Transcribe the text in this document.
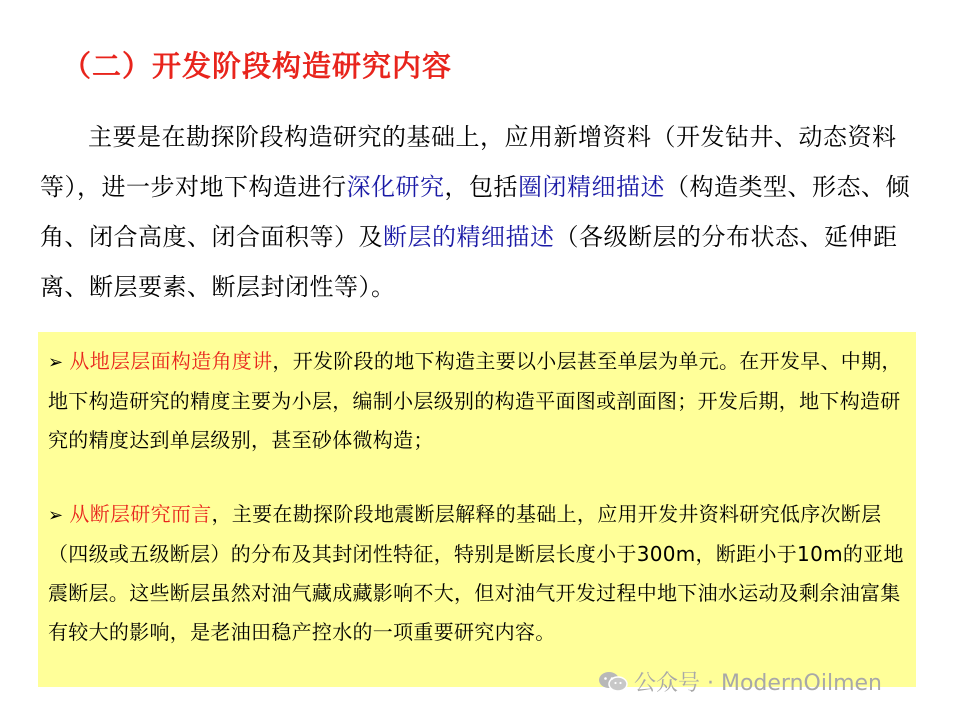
（二）开发阶段构造研究内容
主要是在勘探阶段构造研究的基础上，应用新增资料（开发钻井、动态资料等），进一步对地下构造进行深化研究，包括圈闭精细描述（构造类型、形态、倾角、闭合高度、闭合面积等）及断层的精细描述（各级断层的分布状态、延伸距离、断层要素、断层封闭性等）。
➢ 从地层层面构造角度讲，开发阶段的地下构造主要以小层甚至单层为单元。在开发早、中期，地下构造研究的精度主要为小层，编制小层级别的构造平面图或剖面图；开发后期，地下构造研究的精度达到单层级别，甚至砂体微构造；
➢ 从断层研究而言，主要在勘探阶段地震断层解释的基础上，应用开发井资料研究低序次断层（四级或五级断层）的分布及其封闭性特征，特别是断层长度小于300m，断距小于10m的亚地震断层。这些断层虽然对油气藏成藏影响不大，但对油气开发过程中地下油水运动及剩余油富集有较大的影响，是老油田稳产控水的一项重要研究内容。
公众号 · ModernOilmen
